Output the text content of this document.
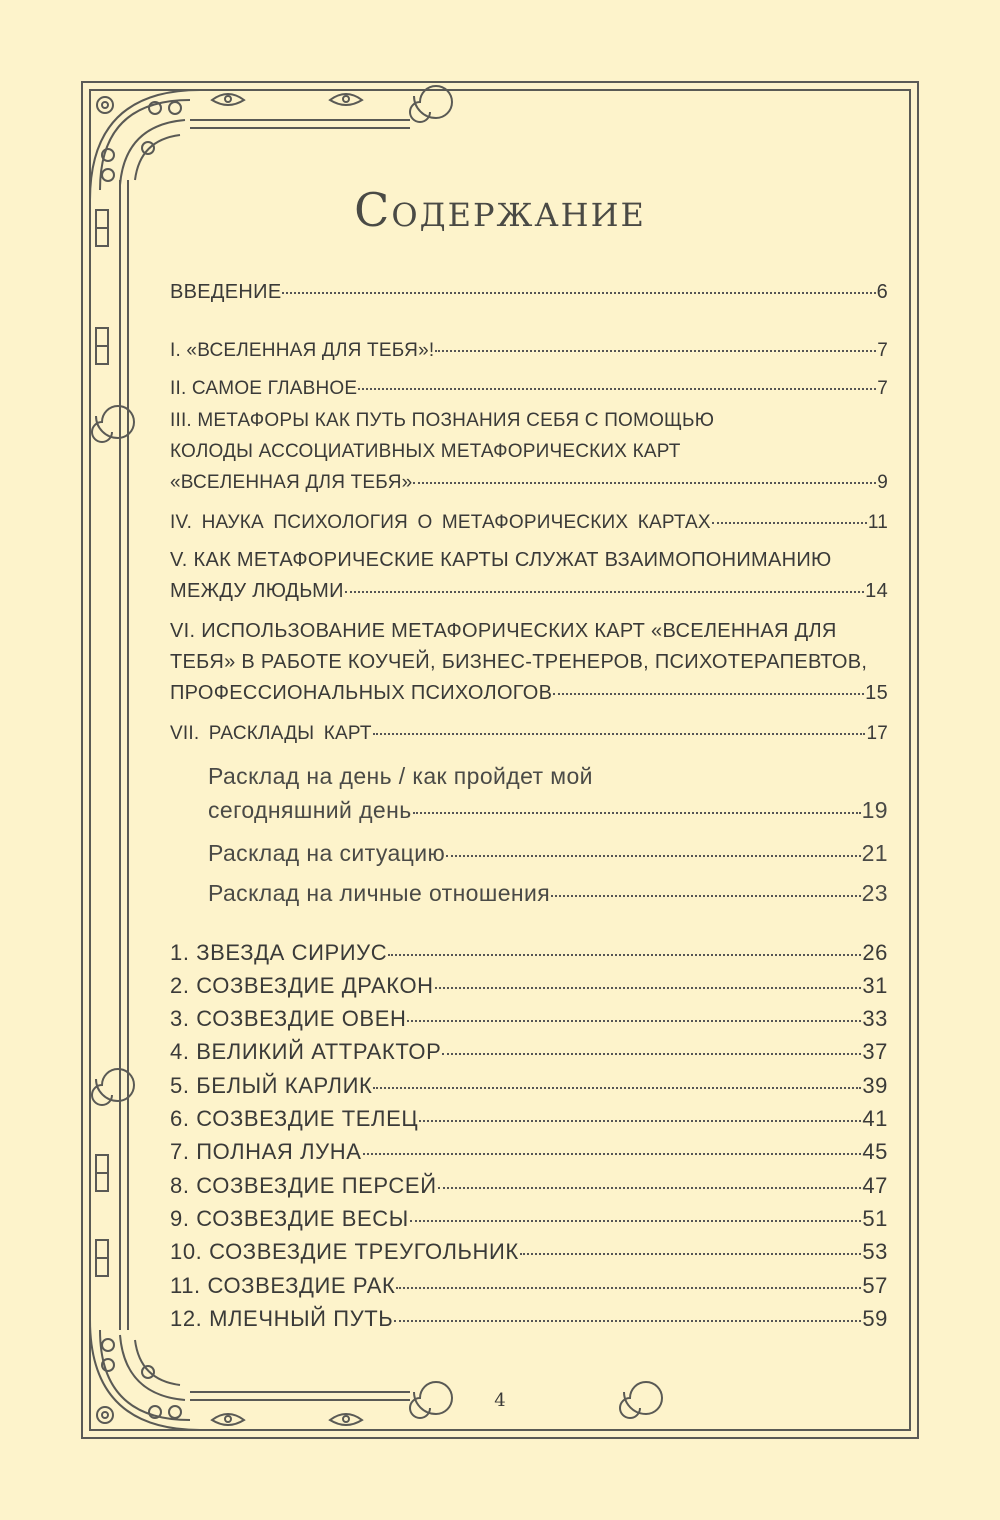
Содержание
ВВЕДЕНИЕ	6
I. «ВСЕЛЕННАЯ ДЛЯ ТЕБЯ»!	7
II. САМОЕ ГЛАВНОЕ	7
III. МЕТАФОРЫ КАК ПУТЬ ПОЗНАНИЯ СЕБЯ С ПОМОЩЬЮ
КОЛОДЫ АССОЦИАТИВНЫХ МЕТАФОРИЧЕСКИХ КАРТ
«ВСЕЛЕННАЯ ДЛЯ ТЕБЯ»	9
IV. НАУКА ПСИХОЛОГИЯ О МЕТАФОРИЧЕСКИХ КАРТАХ	11
V. КАК МЕТАФОРИЧЕСКИЕ КАРТЫ СЛУЖАТ ВЗАИМОПОНИМАНИЮ
МЕЖДУ ЛЮДЬМИ	14
VI. ИСПОЛЬЗОВАНИЕ МЕТАФОРИЧЕСКИХ КАРТ «ВСЕЛЕННАЯ ДЛЯ
ТЕБЯ» В РАБОТЕ КОУЧЕЙ, БИЗНЕС-ТРЕНЕРОВ, ПСИХОТЕРАПЕВТОВ,
ПРОФЕССИОНАЛЬНЫХ ПСИХОЛОГОВ	15
VII. РАСКЛАДЫ КАРТ	17
Расклад на день / как пройдет мой
сегодняшний день	19
Расклад на ситуацию	21
Расклад на личные отношения	23
1. ЗВЕЗДА СИРИУС	26
2. СОЗВЕЗДИЕ ДРАКОН	31
3. СОЗВЕЗДИЕ ОВЕН	33
4. ВЕЛИКИЙ АТТРАКТОР	37
5. БЕЛЫЙ КАРЛИК	39
6. СОЗВЕЗДИЕ ТЕЛЕЦ	41
7. ПОЛНАЯ ЛУНА	45
8. СОЗВЕЗДИЕ ПЕРСЕЙ	47
9. СОЗВЕЗДИЕ ВЕСЫ	51
10. СОЗВЕЗДИЕ ТРЕУГОЛЬНИК	53
11. СОЗВЕЗДИЕ РАК	57
12. МЛЕЧНЫЙ ПУТЬ	59
4
